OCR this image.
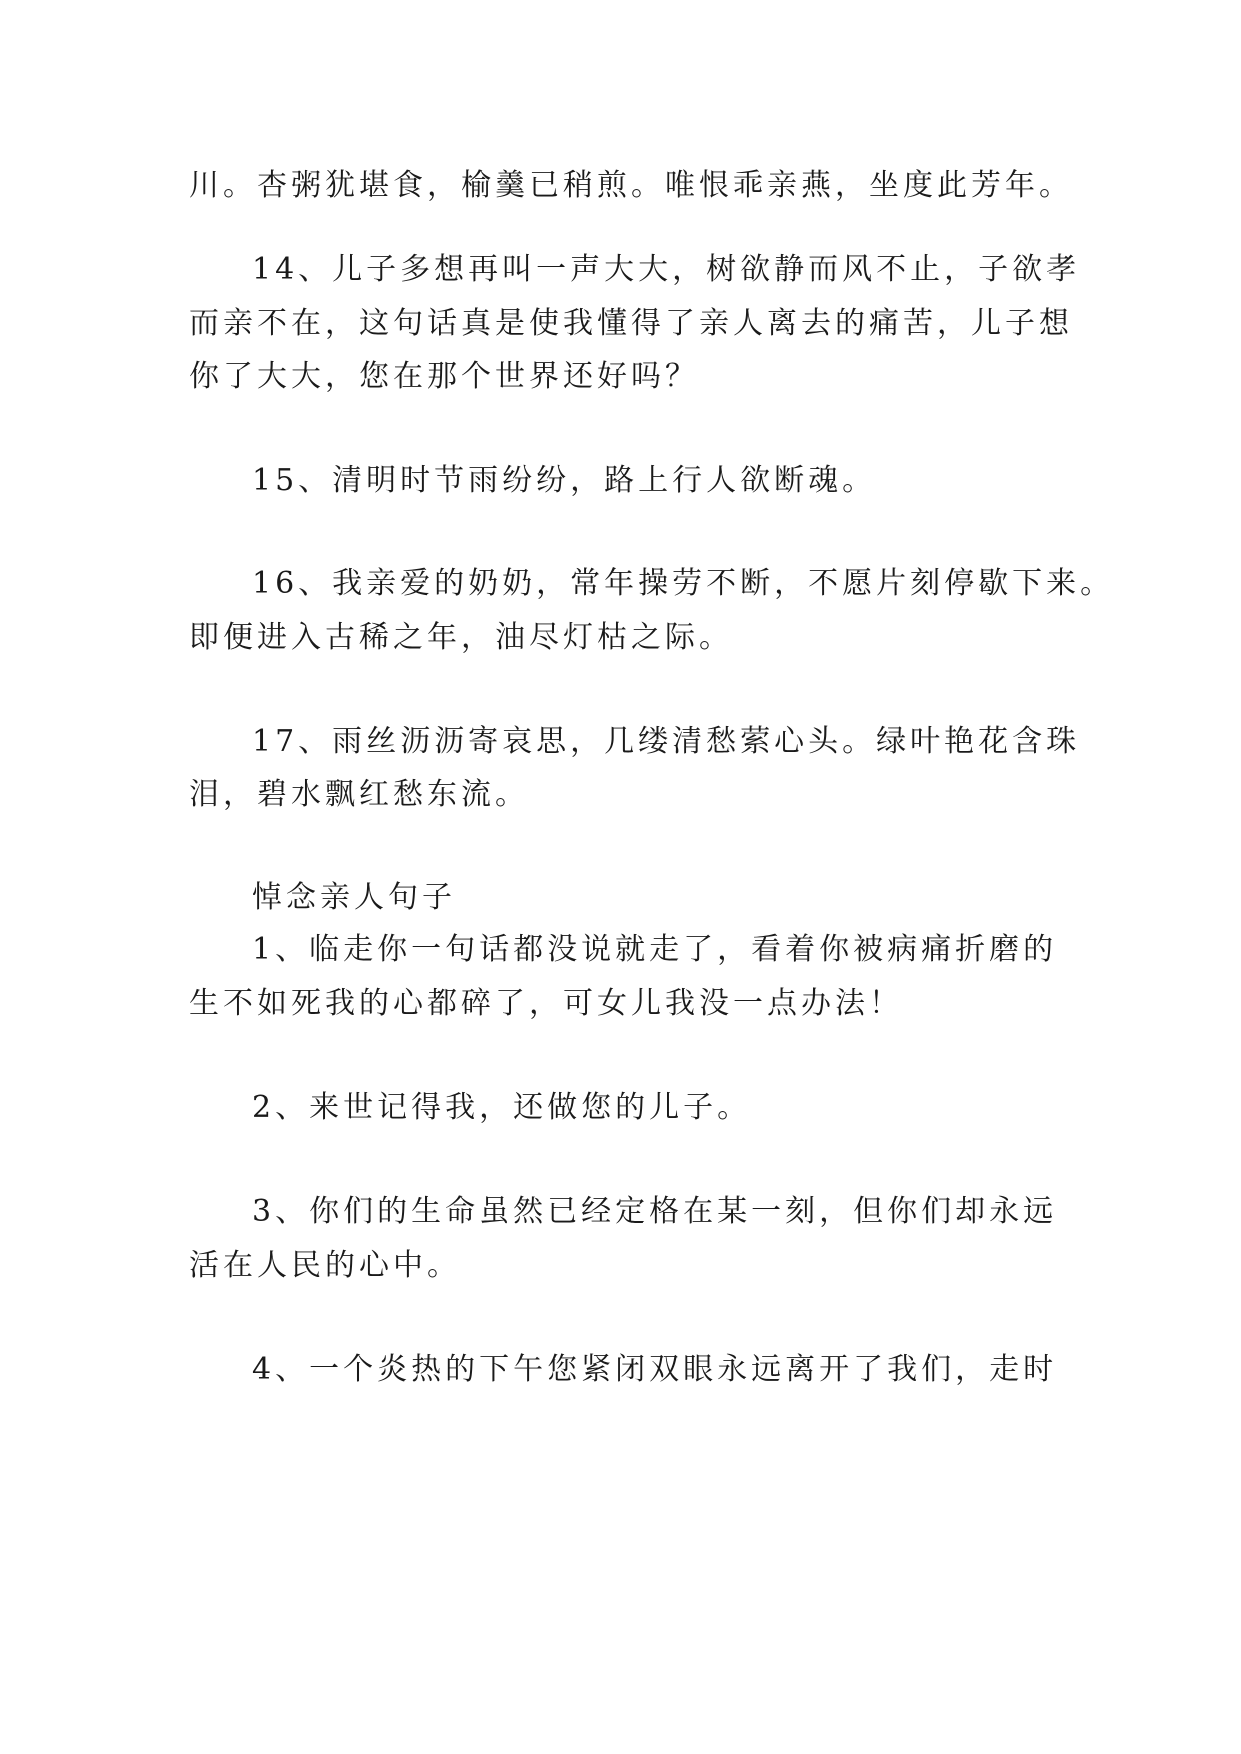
川。杏粥犹堪食，榆羹已稍煎。唯恨乖亲燕，坐度此芳年。

14、儿子多想再叫一声大大，树欲静而风不止，子欲孝

而亲不在，这句话真是使我懂得了亲人离去的痛苦，儿子想

你了大大，您在那个世界还好吗？

15、清明时节雨纷纷，路上行人欲断魂。

16、我亲爱的奶奶，常年操劳不断，不愿片刻停歇下来。

即便进入古稀之年，油尽灯枯之际。

17、雨丝沥沥寄哀思，几缕清愁萦心头。绿叶艳花含珠

泪，碧水飘红愁东流。

悼念亲人句子

1、临走你一句话都没说就走了，看着你被病痛折磨的

生不如死我的心都碎了，可女儿我没一点办法！

2、来世记得我，还做您的儿子。

3、你们的生命虽然已经定格在某一刻，但你们却永远

活在人民的心中。

4、一个炎热的下午您紧闭双眼永远离开了我们，走时
